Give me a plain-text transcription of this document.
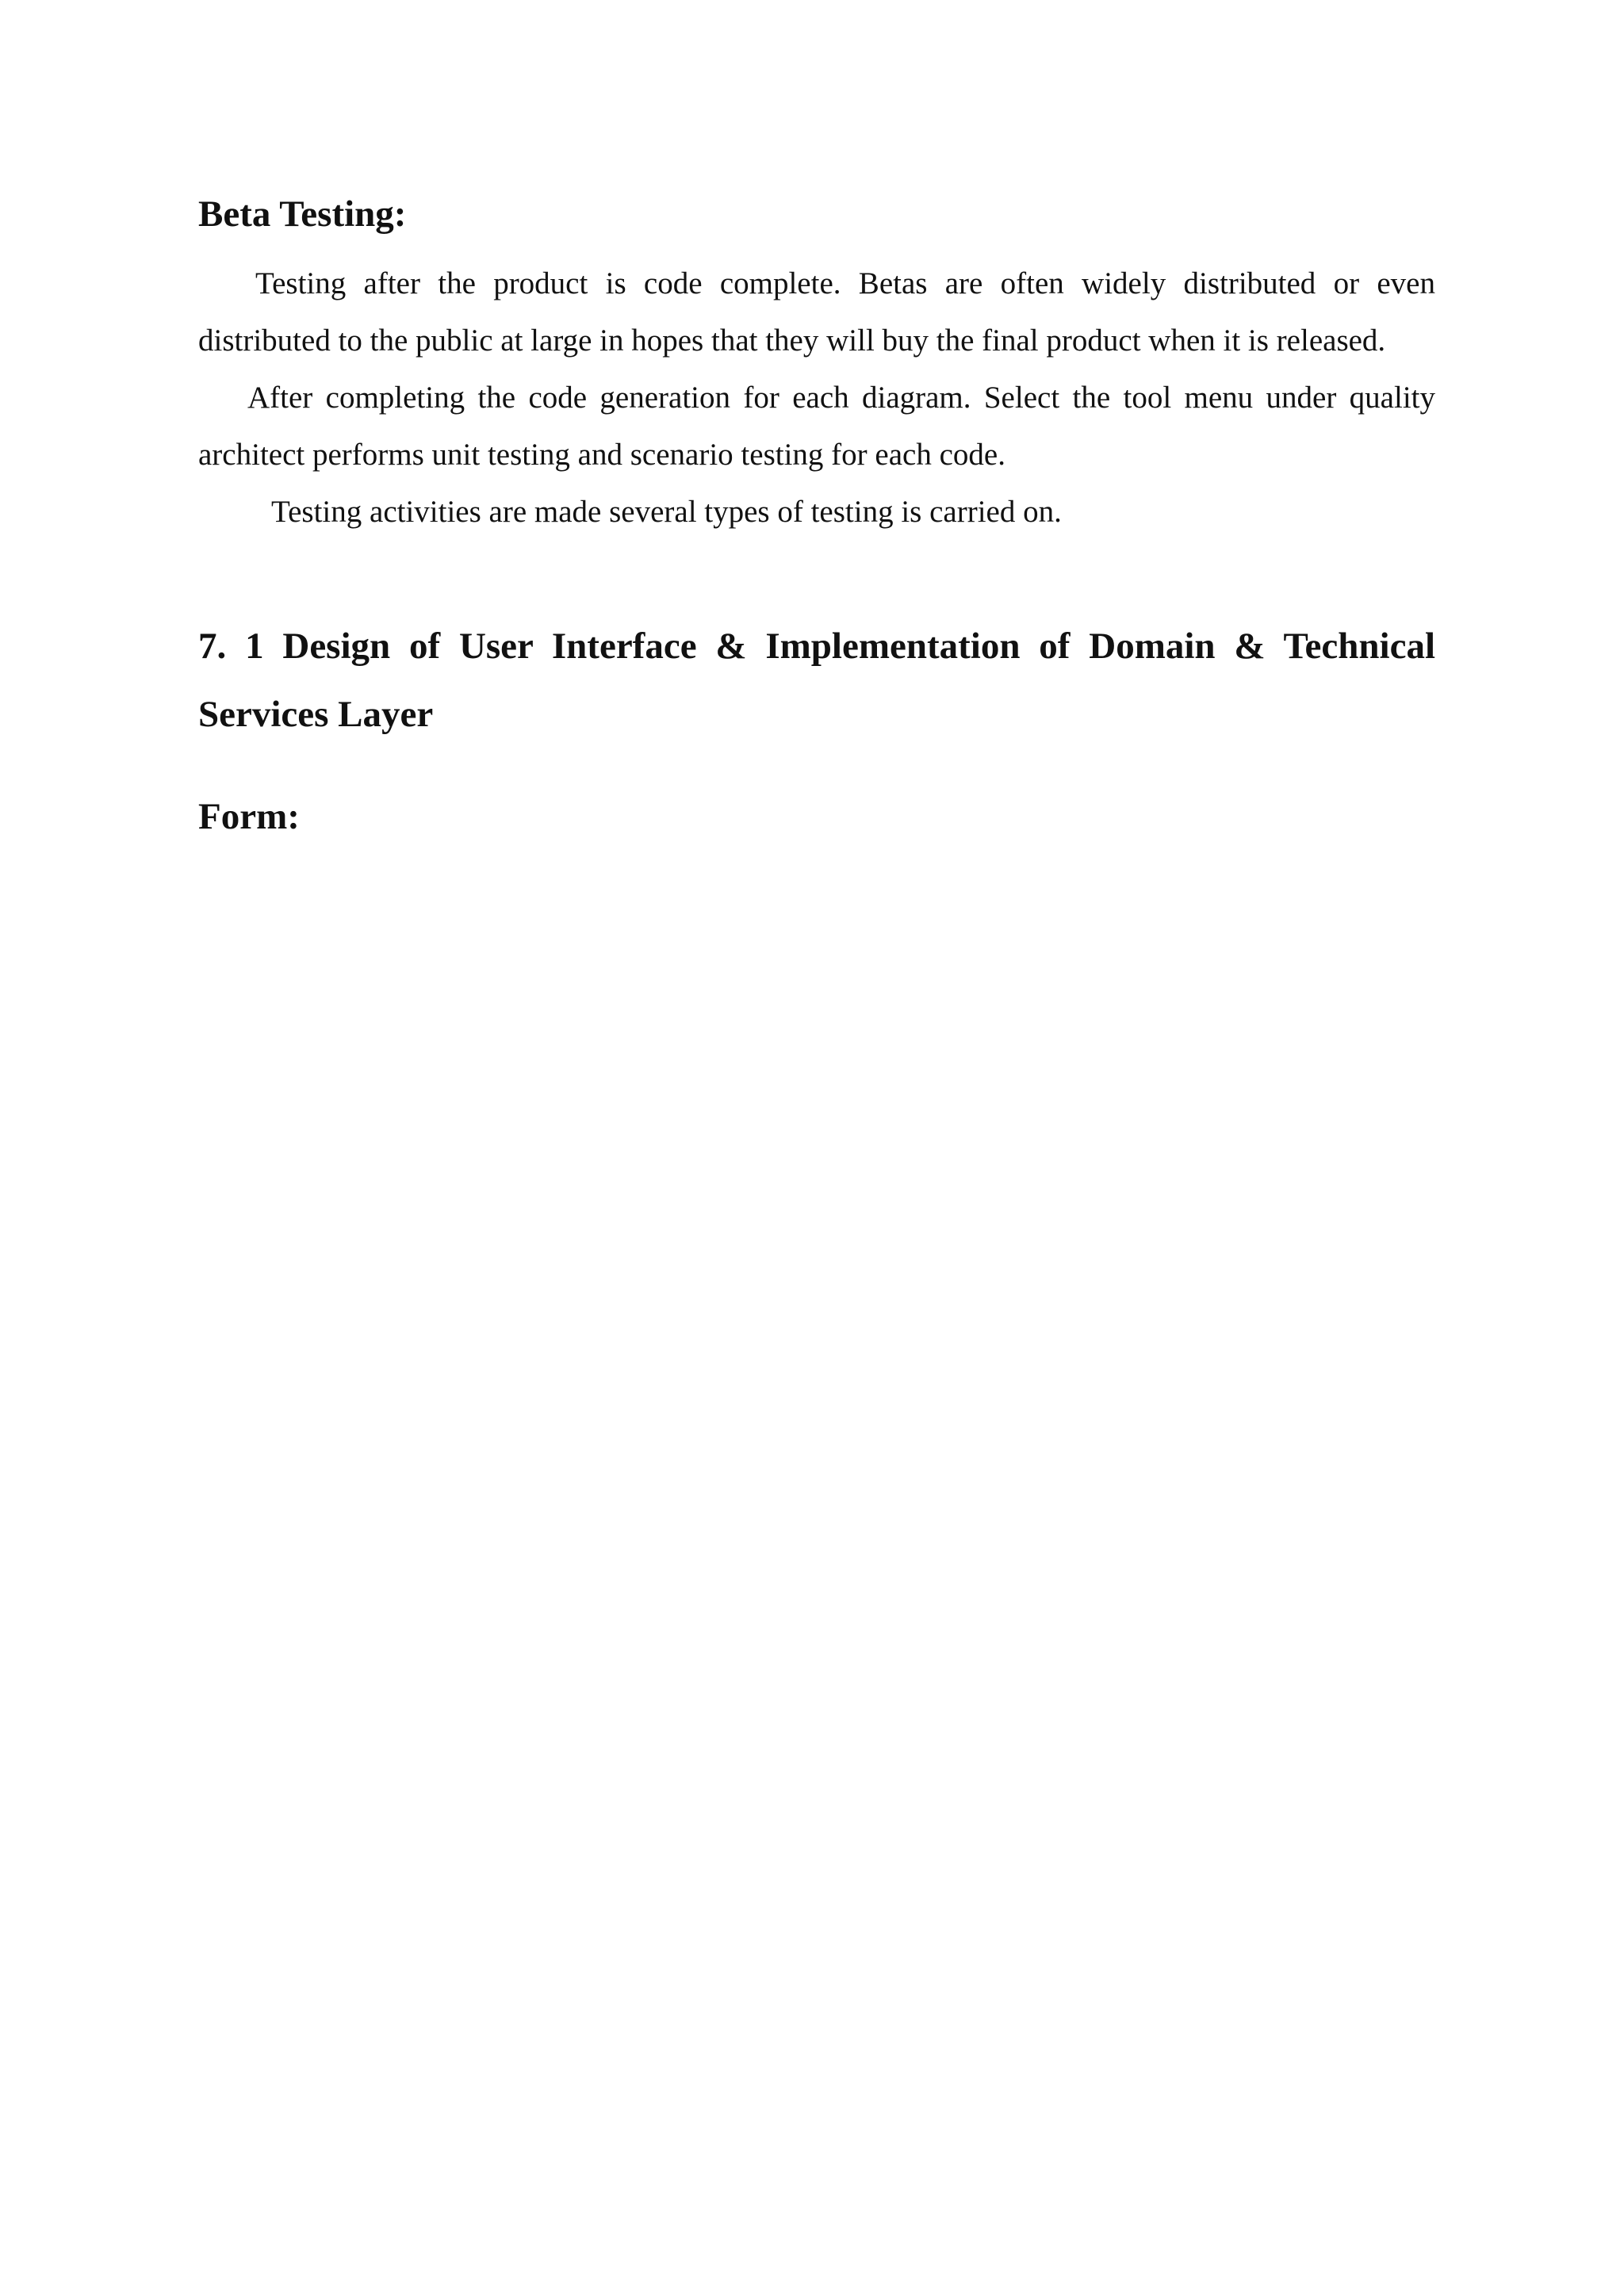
Beta Testing:

Testing after the product is code complete. Betas are often widely distributed or even distributed to the public at large in hopes that they will buy the final product when it is released.

After completing the code generation for each diagram. Select the tool menu under quality architect performs unit testing and scenario testing for each code.

Testing activities are made several types of testing is carried on.

7. 1 Design of User Interface & Implementation of Domain & Technical Services Layer
Form:
